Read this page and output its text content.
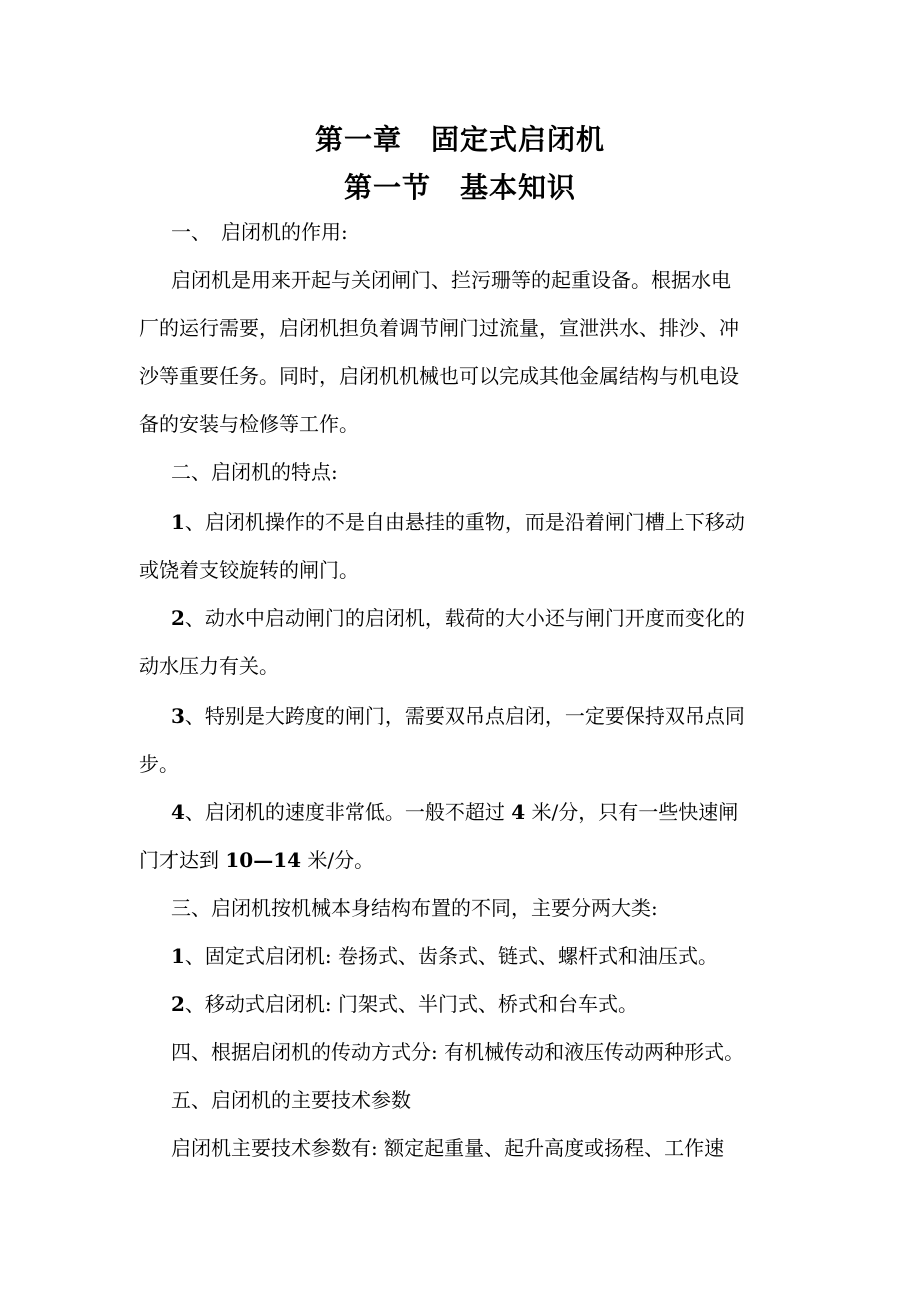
第一章　固定式启闭机
第一节　基本知识

一、　启闭机的作用:

启闭机是用来开起与关闭闸门、拦污珊等的起重设备。根据水电

厂的运行需要，启闭机担负着调节闸门过流量，宣泄洪水、排沙、冲

沙等重要任务。同时，启闭机机械也可以完成其他金属结构与机电设

备的安装与检修等工作。

二、启闭机的特点:

1、启闭机操作的不是自由悬挂的重物，而是沿着闸门槽上下移动

或饶着支铰旋转的闸门。

2、动水中启动闸门的启闭机，载荷的大小还与闸门开度而变化的

动水压力有关。

3、特别是大跨度的闸门，需要双吊点启闭，一定要保持双吊点同

步。

4、启闭机的速度非常低。一般不超过 4 米/分，只有一些快速闸

门才达到 10—14 米/分。

三、启闭机按机械本身结构布置的不同，主要分两大类:

1、固定式启闭机: 卷扬式、齿条式、链式、螺杆式和油压式。

2、移动式启闭机: 门架式、半门式、桥式和台车式。

四、根据启闭机的传动方式分: 有机械传动和液压传动两种形式。

五、启闭机的主要技术参数

启闭机主要技术参数有: 额定起重量、起升高度或扬程、工作速
